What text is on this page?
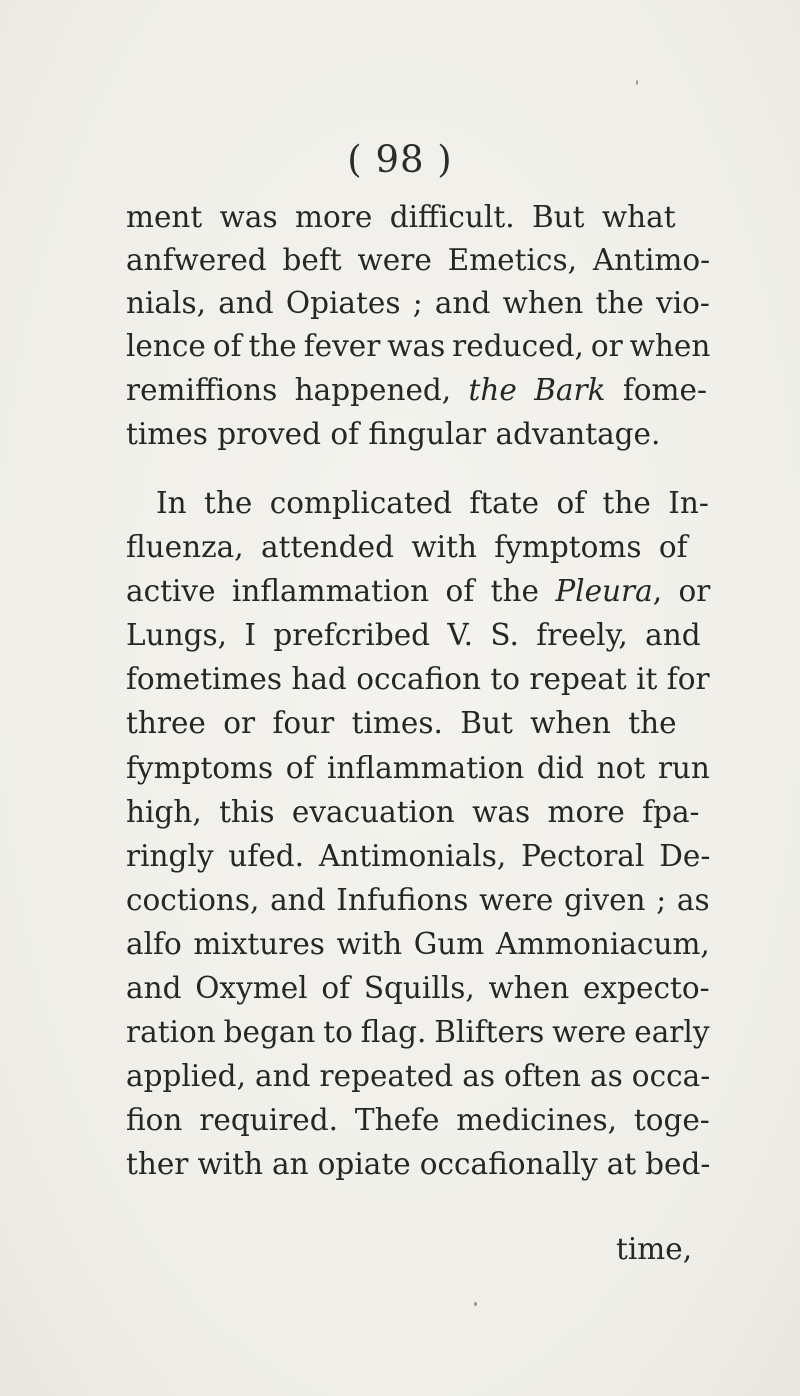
( 98 )
ment was more difficult. But what
anfwered beft were Emetics, Antimo-
nials, and Opiates ; and when the vio-
lence of the fever was reduced, or when
remiffions happened, the Bark fome-
times proved of fingular advantage.
In the complicated ftate of the In-
fluenza, attended with fymptoms of
active inflammation of the Pleura, or
Lungs, I prefcribed V. S. freely, and
fometimes had occafion to repeat it for
three or four times. But when the
fymptoms of inflammation did not run
high, this evacuation was more fpa-
ringly ufed. Antimonials, Pectoral De-
coctions, and Infufions were given ; as
alfo mixtures with Gum Ammoniacum,
and Oxymel of Squills, when expecto-
ration began to flag. Blifters were early
applied, and repeated as often as occa-
fion required. Thefe medicines, toge-
ther with an opiate occafionally at bed-
time,
